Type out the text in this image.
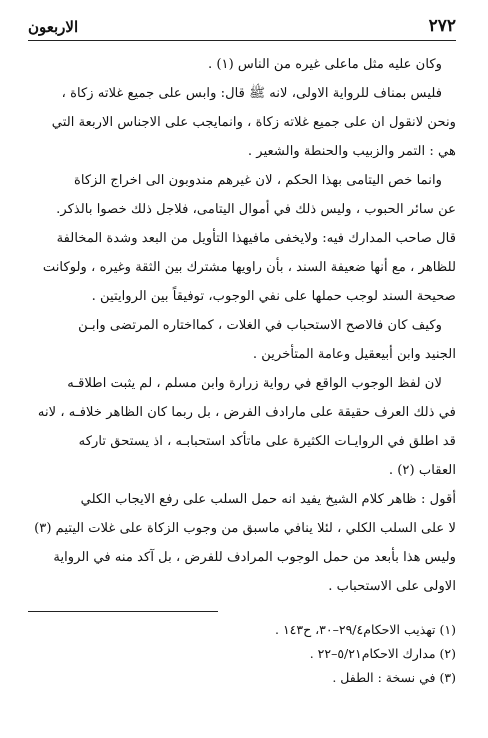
٢٧٢
الاربعون

وكان عليه مثل ماعلى غيره من الناس (١) .

فليس بمناف للرواية الاولى، لانه ﷺ قال: وابس على جميع غلاته زكاة ،
ونحن لانقول ان على جميع غلاته زكاة ، وانمايجب على الاجناس الاربعة التي
هي : التمر والزبيب والحنطة والشعير .

وانما خص اليتامى بهذا الحكم ، لان غيرهم مندوبون الى اخراج الزكاة
عن سائر الحبوب ، وليس ذلك في أموال اليتامى، فلاجل ذلك خصوا بالذكر.

قال صاحب المدارك فيه: ولايخفى مافيهذا التأويل من البعد وشدة المخالفة
للظاهر ، مع أنها ضعيفة السند ، بأن راويها مشترك بين الثقة وغيره ، ولوكانت
صحيحة السند لوجب حملها على نفي الوجوب، توفيقاً بين الروايتين .

وكيف كان فالاصح الاستحباب في الغلات ، كمااختاره المرتضى وابـن
الجنيد وابن أبيعقيل وعامة المتأخرين .

لان لفظ الوجوب الواقع في رواية زرارة وابن مسلم ، لم يثبت اطلاقـه
في ذلك العرف حقيقة على مارادف الفرض ، بل ربما كان الظاهر خلافـه ، لانه
قد اطلق في الروايـات الكثيرة على ماتأكد استحبابـه ، اذ يستحق تاركه
العقاب (٢) .

أقول : ظاهر كلام الشيخ يفيد انه حمل السلب على رفع الايجاب الكلي
لا على السلب الكلي ، لئلا ينافي ماسبق من وجوب الزكاة على غلات اليتيم (٣)
وليس هذا بأبعد من حمل الوجوب المرادف للفرض ، بل آكد منه في الرواية
الاولى على الاستحباب .

(١) تهذيب الاحكام٢٩/٤–٣٠، ح١٤٣ .
(٢) مدارك الاحكام٥/٢١–٢٢ .
(٣) في نسخة : الطفل .
